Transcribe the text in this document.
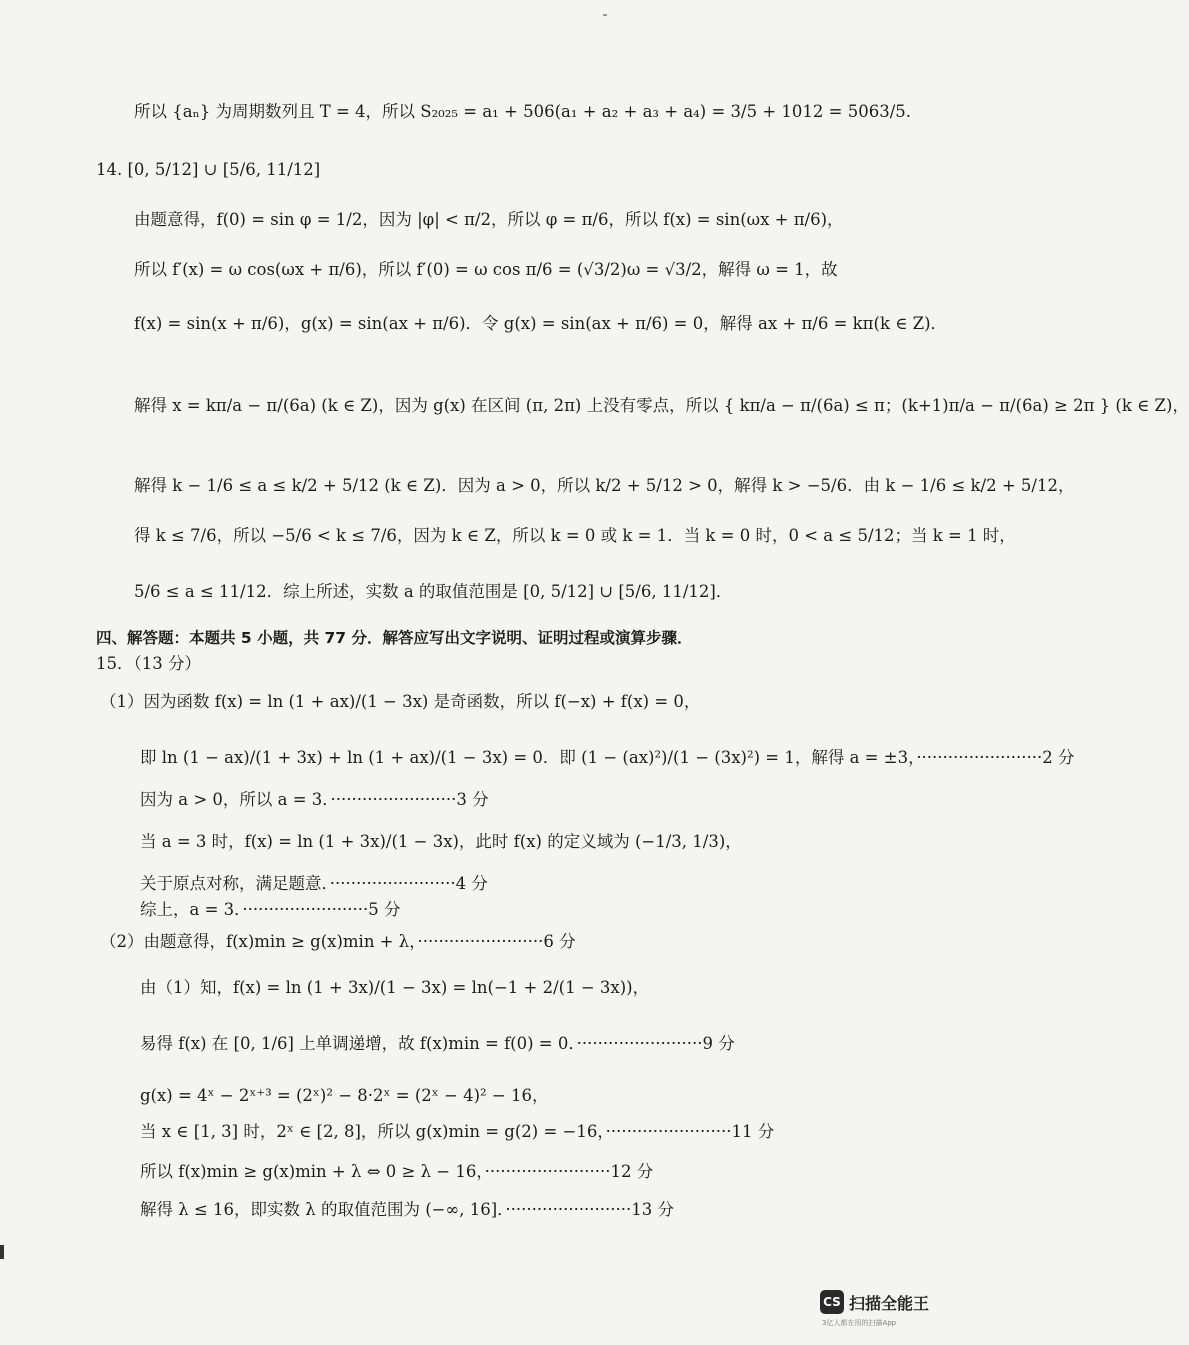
所以 {aₙ} 为周期数列且 T = 4，所以 S₂₀₂₅ = a₁ + 506(a₁ + a₂ + a₃ + a₄) = 3/5 + 1012 = 5063/5.
14. [0, 5/12] ∪ [5/6, 11/12]
由题意得，f(0) = sin φ = 1/2，因为 |φ| < π/2，所以 φ = π/6，所以 f(x) = sin(ωx + π/6)，
所以 f′(x) = ω cos(ωx + π/6)，所以 f′(0) = ω cos π/6 = (√3/2)ω = √3/2，解得 ω = 1，故
f(x) = sin(x + π/6)，g(x) = sin(ax + π/6)．令 g(x) = sin(ax + π/6) = 0，解得 ax + π/6 = kπ(k ∈ Z)．
解得 x = kπ/a − π/(6a) (k ∈ Z)，因为 g(x) 在区间 (π, 2π) 上没有零点，所以 { kπ/a − π/(6a) ≤ π；(k+1)π/a − π/(6a) ≥ 2π } (k ∈ Z)，
解得 k − 1/6 ≤ a ≤ k/2 + 5/12 (k ∈ Z)．因为 a > 0，所以 k/2 + 5/12 > 0，解得 k > −5/6．由 k − 1/6 ≤ k/2 + 5/12，
得 k ≤ 7/6，所以 −5/6 < k ≤ 7/6，因为 k ∈ Z，所以 k = 0 或 k = 1．当 k = 0 时，0 < a ≤ 5/12；当 k = 1 时，
5/6 ≤ a ≤ 11/12．综上所述，实数 a 的取值范围是 [0, 5/12] ∪ [5/6, 11/12]．
四、解答题：本题共 5 小题，共 77 分．解答应写出文字说明、证明过程或演算步骤．
15．（13 分）
（1）因为函数 f(x) = ln (1 + ax)/(1 − 3x) 是奇函数，所以 f(−x) + f(x) = 0，
即 ln (1 − ax)/(1 + 3x) + ln (1 + ax)/(1 − 3x) = 0．即 (1 − (ax)²)/(1 − (3x)²) = 1，解得 a = ±3，························2 分
因为 a > 0，所以 a = 3．························3 分
当 a = 3 时，f(x) = ln (1 + 3x)/(1 − 3x)，此时 f(x) 的定义域为 (−1/3, 1/3)，
关于原点对称，满足题意．························4 分
综上，a = 3．························5 分
（2）由题意得，f(x)min ≥ g(x)min + λ，························6 分
由（1）知，f(x) = ln (1 + 3x)/(1 − 3x) = ln(−1 + 2/(1 − 3x))，
易得 f(x) 在 [0, 1/6] 上单调递增，故 f(x)min = f(0) = 0．························9 分
g(x) = 4ˣ − 2ˣ⁺³ = (2ˣ)² − 8·2ˣ = (2ˣ − 4)² − 16，
当 x ∈ [1, 3] 时，2ˣ ∈ [2, 8]，所以 g(x)min = g(2) = −16，························11 分
所以 f(x)min ≥ g(x)min + λ ⇔ 0 ≥ λ − 16，························12 分
解得 λ ≤ 16，即实数 λ 的取值范围为 (−∞, 16]．························13 分
CS 扫描全能王
3亿人都在用的扫描App
